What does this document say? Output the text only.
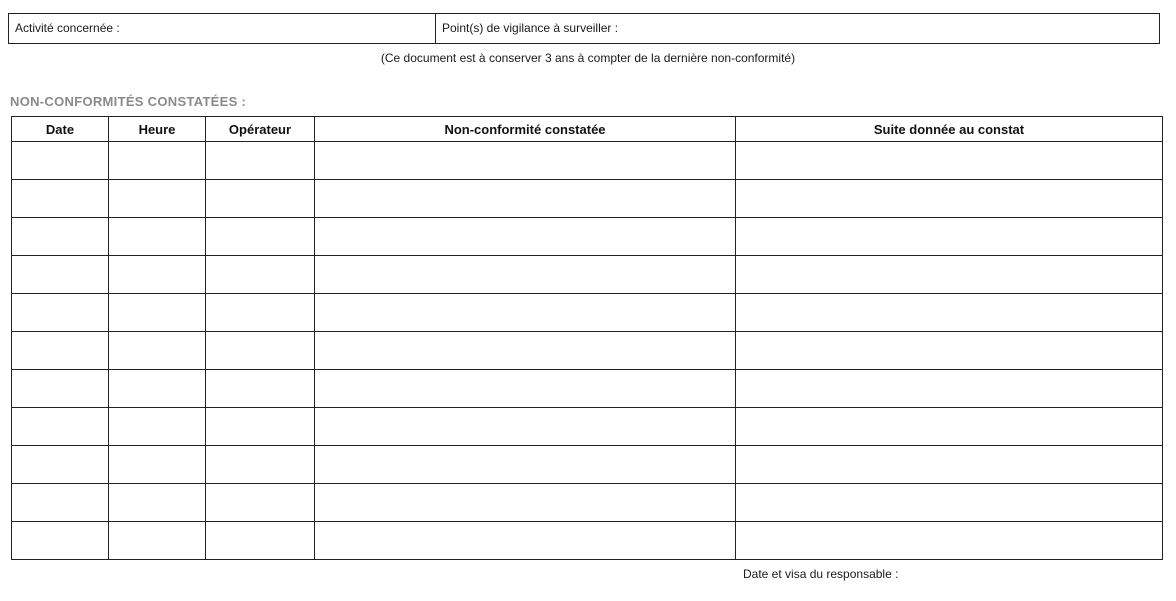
Activité concernée :	Point(s) de vigilance à surveiller :
(Ce document est à conserver 3 ans à compter de la dernière non-conformité)
NON-CONFORMITÉS CONSTATÉES :
Date	Heure	Opérateur	Non-conformité constatée	Suite donnée au constat

Date et visa du responsable :
